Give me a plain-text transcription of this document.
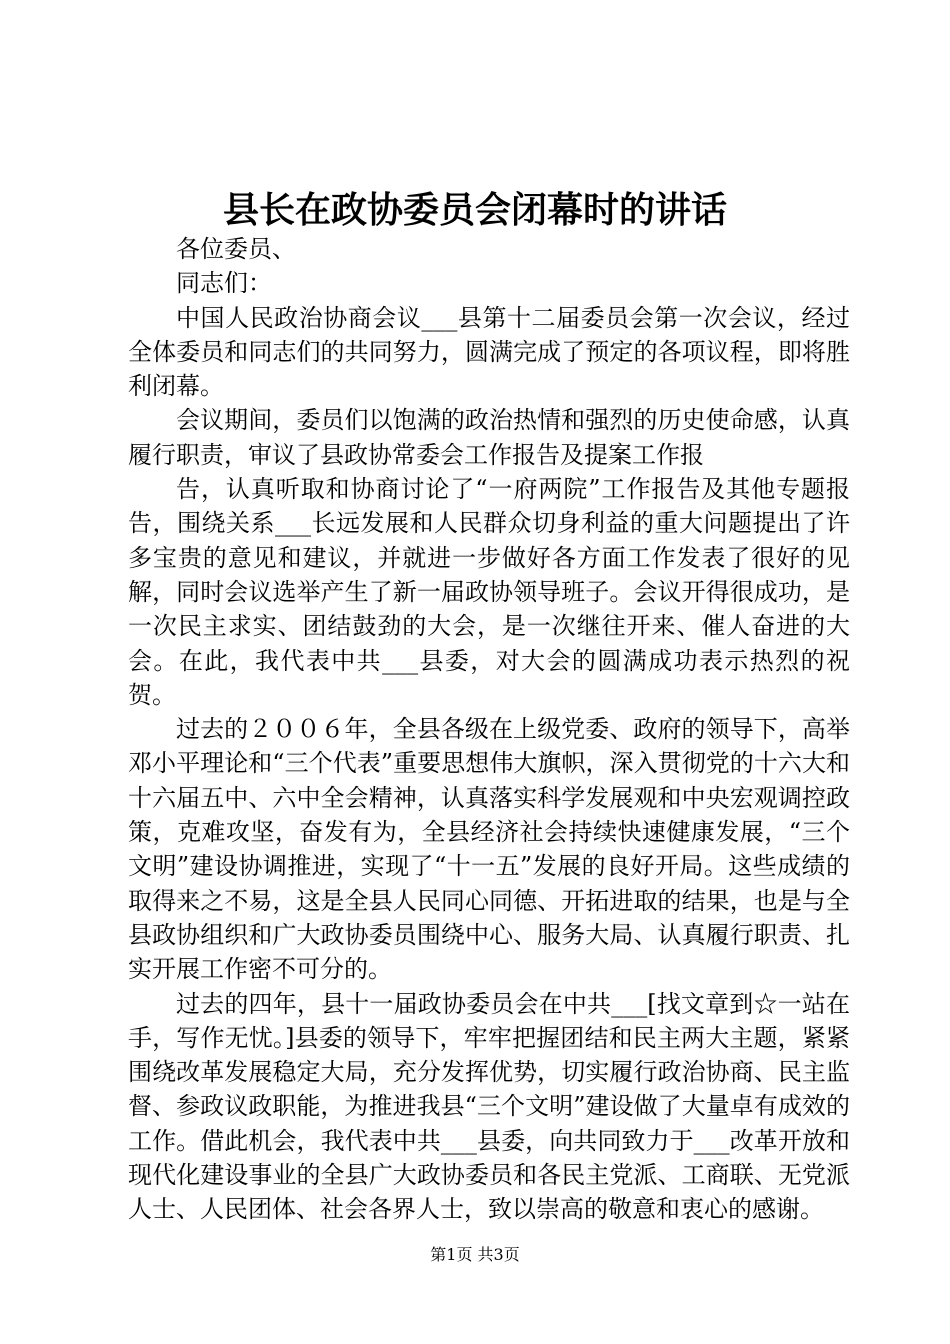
县长在政协委员会闭幕时的讲话

各位委员、

同志们：

中国人民政治协商会议___县第十二届委员会第一次会议，经过全体委员和同志们的共同努力，圆满完成了预定的各项议程，即将胜利闭幕。

会议期间，委员们以饱满的政治热情和强烈的历史使命感，认真履行职责，审议了县政协常委会工作报告及提案工作报

告，认真听取和协商讨论了“一府两院”工作报告及其他专题报告，围绕关系___长远发展和人民群众切身利益的重大问题提出了许多宝贵的意见和建议，并就进一步做好各方面工作发表了很好的见解，同时会议选举产生了新一届政协领导班子。会议开得很成功，是一次民主求实、团结鼓劲的大会，是一次继往开来、催人奋进的大会。在此，我代表中共___县委，对大会的圆满成功表示热烈的祝贺。

过去的２００６年，全县各级在上级党委、政府的领导下，高举邓小平理论和“三个代表”重要思想伟大旗帜，深入贯彻党的十六大和十六届五中、六中全会精神，认真落实科学发展观和中央宏观调控政策，克难攻坚，奋发有为，全县经济社会持续快速健康发展，“三个文明”建设协调推进，实现了“十一五”发展的良好开局。这些成绩的取得来之不易，这是全县人民同心同德、开拓进取的结果，也是与全县政协组织和广大政协委员围绕中心、服务大局、认真履行职责、扎实开展工作密不可分的。

过去的四年，县十一届政协委员会在中共___[找文章到☆一站在手，写作无忧。]县委的领导下，牢牢把握团结和民主两大主题，紧紧围绕改革发展稳定大局，充分发挥优势，切实履行政治协商、民主监督、参政议政职能，为推进我县“三个文明”建设做了大量卓有成效的工作。借此机会，我代表中共___县委，向共同致力于___改革开放和现代化建设事业的全县广大政协委员和各民主党派、工商联、无党派人士、人民团体、社会各界人士，致以崇高的敬意和衷心的感谢。

第1页 共3页
